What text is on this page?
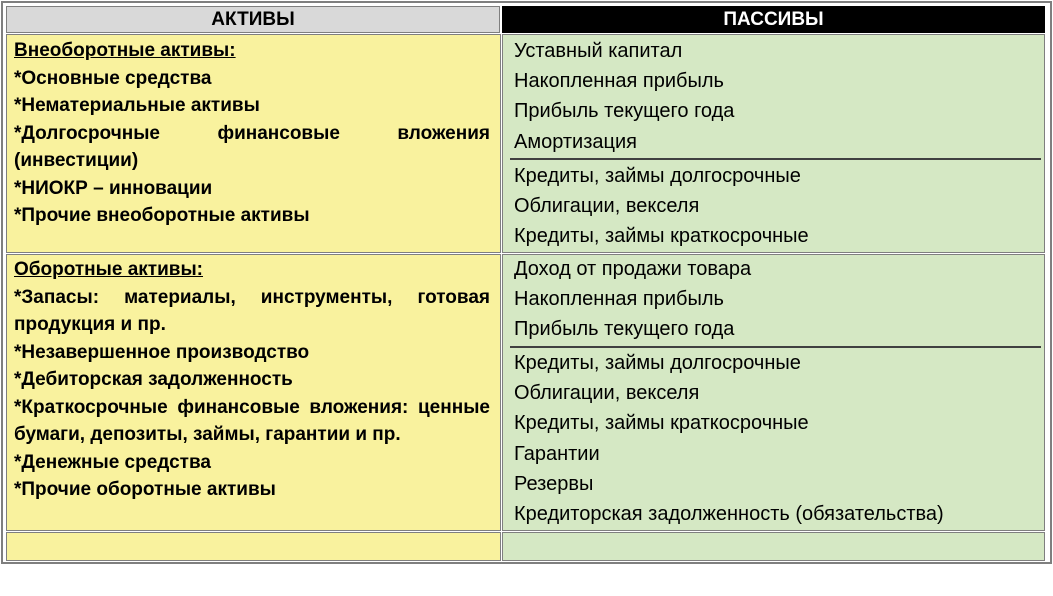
АКТИВЫ	ПАССИВЫ
Внеоборотные активы:
*Основные средства
*Нематериальные активы
*Долгосрочные финансовые вложения (инвестиции)
*НИОКР – инновации
*Прочие внеоборотные активы
Оборотные активы:
*Запасы: материалы, инструменты, готовая продукция и пр.
*Незавершенное производство
*Дебиторская задолженность
*Краткосрочные финансовые вложения: ценные бумаги, депозиты, займы, гарантии и пр.
*Денежные средства
*Прочие оборотные активы
Уставный капитал
Накопленная прибыль
Прибыль текущего года
Амортизация
Кредиты, займы долгосрочные
Облигации, векселя
Кредиты, займы краткосрочные
Доход от продажи товара
Накопленная прибыль
Прибыль текущего года
Кредиты, займы долгосрочные
Облигации, векселя
Кредиты, займы краткосрочные
Гарантии
Резервы
Кредиторская задолженность (обязательства)
